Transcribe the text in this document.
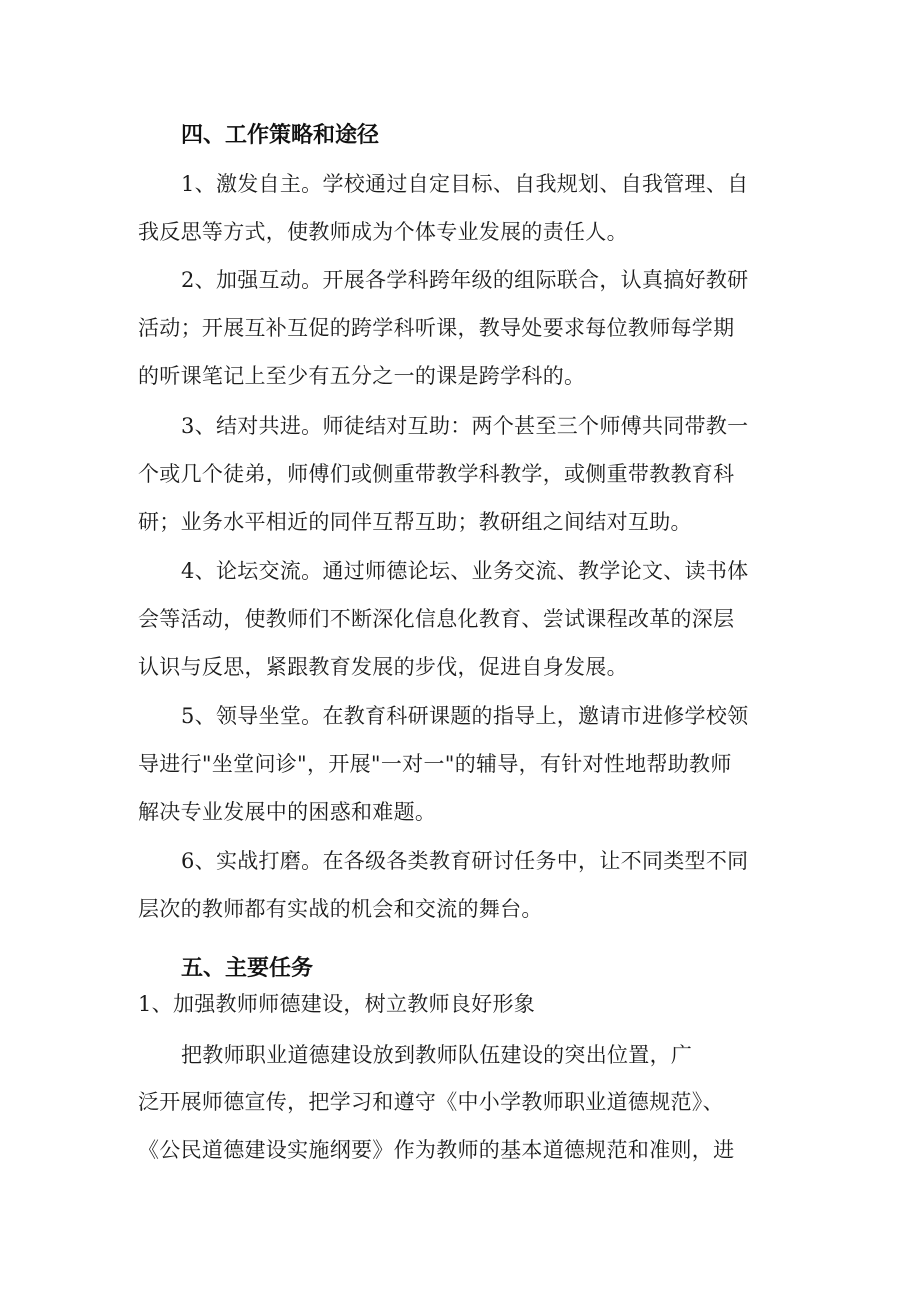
四、工作策略和途径
1、激发自主。学校通过自定目标、自我规划、自我管理、自
我反思等方式，使教师成为个体专业发展的责任人。
2、加强互动。开展各学科跨年级的组际联合，认真搞好教研
活动；开展互补互促的跨学科听课，教导处要求每位教师每学期
的听课笔记上至少有五分之一的课是跨学科的。
3、结对共进。师徒结对互助：两个甚至三个师傅共同带教一
个或几个徒弟，师傅们或侧重带教学科教学，或侧重带教教育科
研；业务水平相近的同伴互帮互助；教研组之间结对互助。
4、论坛交流。通过师德论坛、业务交流、教学论文、读书体
会等活动，使教师们不断深化信息化教育、尝试课程改革的深层
认识与反思，紧跟教育发展的步伐，促进自身发展。
5、领导坐堂。在教育科研课题的指导上，邀请市进修学校领
导进行"坐堂问诊"，开展"一对一"的辅导，有针对性地帮助教师
解决专业发展中的困惑和难题。
6、实战打磨。在各级各类教育研讨任务中，让不同类型不同
层次的教师都有实战的机会和交流的舞台。
五、主要任务
1、加强教师师德建设，树立教师良好形象
把教师职业道德建设放到教师队伍建设的突出位置，广
泛开展师德宣传，把学习和遵守《中小学教师职业道德规范》、
《公民道德建设实施纲要》作为教师的基本道德规范和准则，进
